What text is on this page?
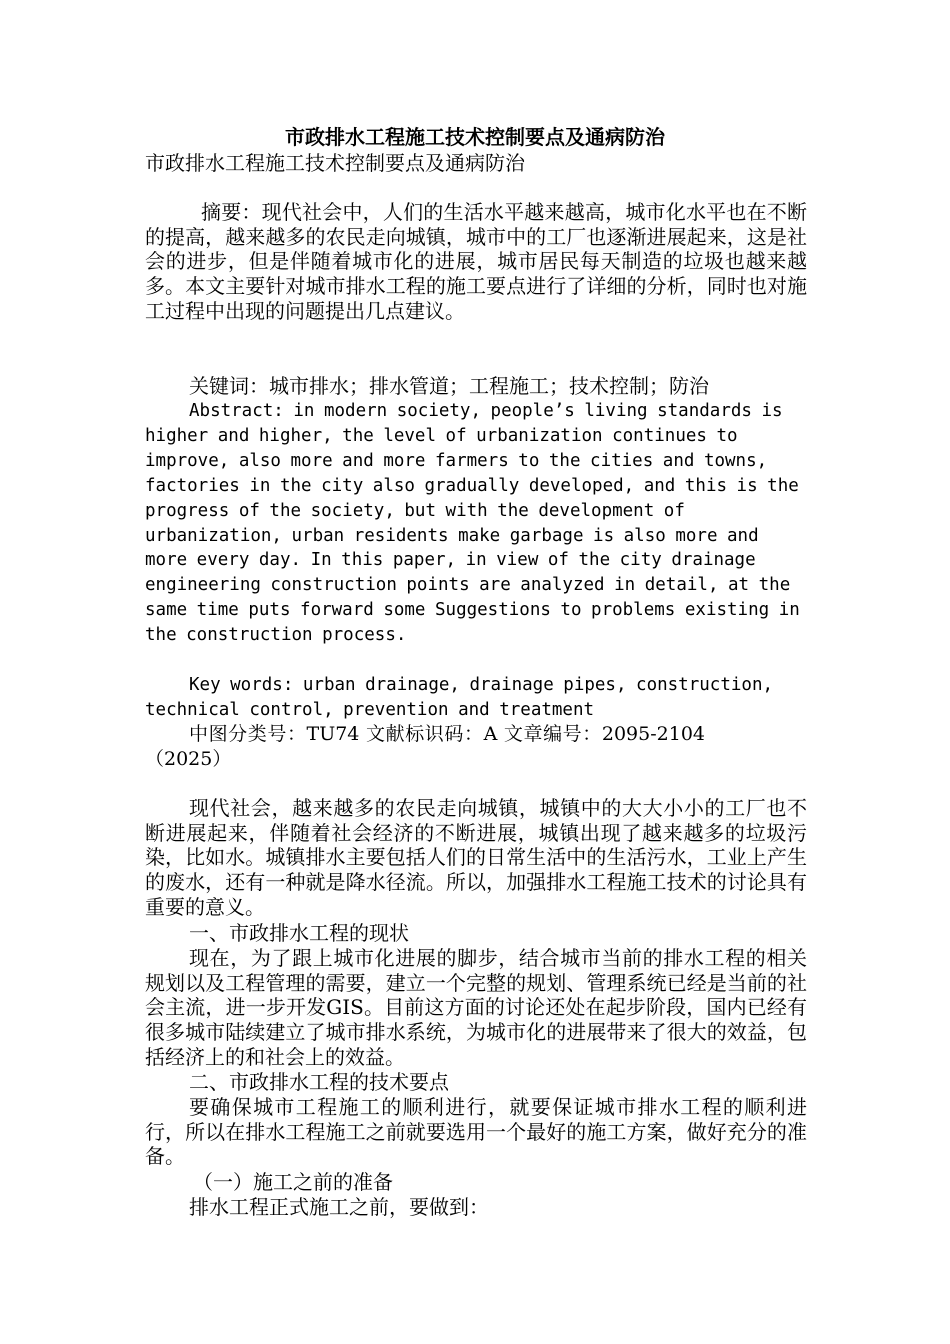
市政排水工程施工技术控制要点及通病防治

市政排水工程施工技术控制要点及通病防治

摘要：现代社会中，人们的生活水平越来越高，城市化水平也在不断的提高，越来越多的农民走向城镇，城市中的工厂也逐渐进展起来，这是社会的进步，但是伴随着城市化的进展，城市居民每天制造的垃圾也越来越多。本文主要针对城市排水工程的施工要点进行了详细的分析，同时也对施工过程中出现的问题提出几点建议。

关键词：城市排水；排水管道；工程施工；技术控制；防治

Abstract: in modern society, people’s living standards is higher and higher, the level of urbanization continues to improve, also more and more farmers to the cities and towns, factories in the city also gradually developed, and this is the progress of the society, but with the development of urbanization, urban residents make garbage is also more and more every day. In this paper, in view of the city drainage engineering construction points are analyzed in detail, at the same time puts forward some Suggestions to problems existing in the construction process.

Key words: urban drainage, drainage pipes, construction, technical control, prevention and treatment

中图分类号：TU74 文献标识码：A 文章编号：2095-2104（2025）

现代社会，越来越多的农民走向城镇，城镇中的大大小小的工厂也不断进展起来，伴随着社会经济的不断进展，城镇出现了越来越多的垃圾污染，比如水。城镇排水主要包括人们的日常生活中的生活污水，工业上产生的废水，还有一种就是降水径流。所以，加强排水工程施工技术的讨论具有重要的意义。

一、市政排水工程的现状

现在，为了跟上城市化进展的脚步，结合城市当前的排水工程的相关规划以及工程管理的需要，建立一个完整的规划、管理系统已经是当前的社会主流，进一步开发GIS。目前这方面的讨论还处在起步阶段，国内已经有很多城市陆续建立了城市排水系统，为城市化的进展带来了很大的效益，包括经济上的和社会上的效益。

二、市政排水工程的技术要点

要确保城市工程施工的顺利进行，就要保证城市排水工程的顺利进行，所以在排水工程施工之前就要选用一个最好的施工方案，做好充分的准备。

（一）施工之前的准备

排水工程正式施工之前，要做到：
